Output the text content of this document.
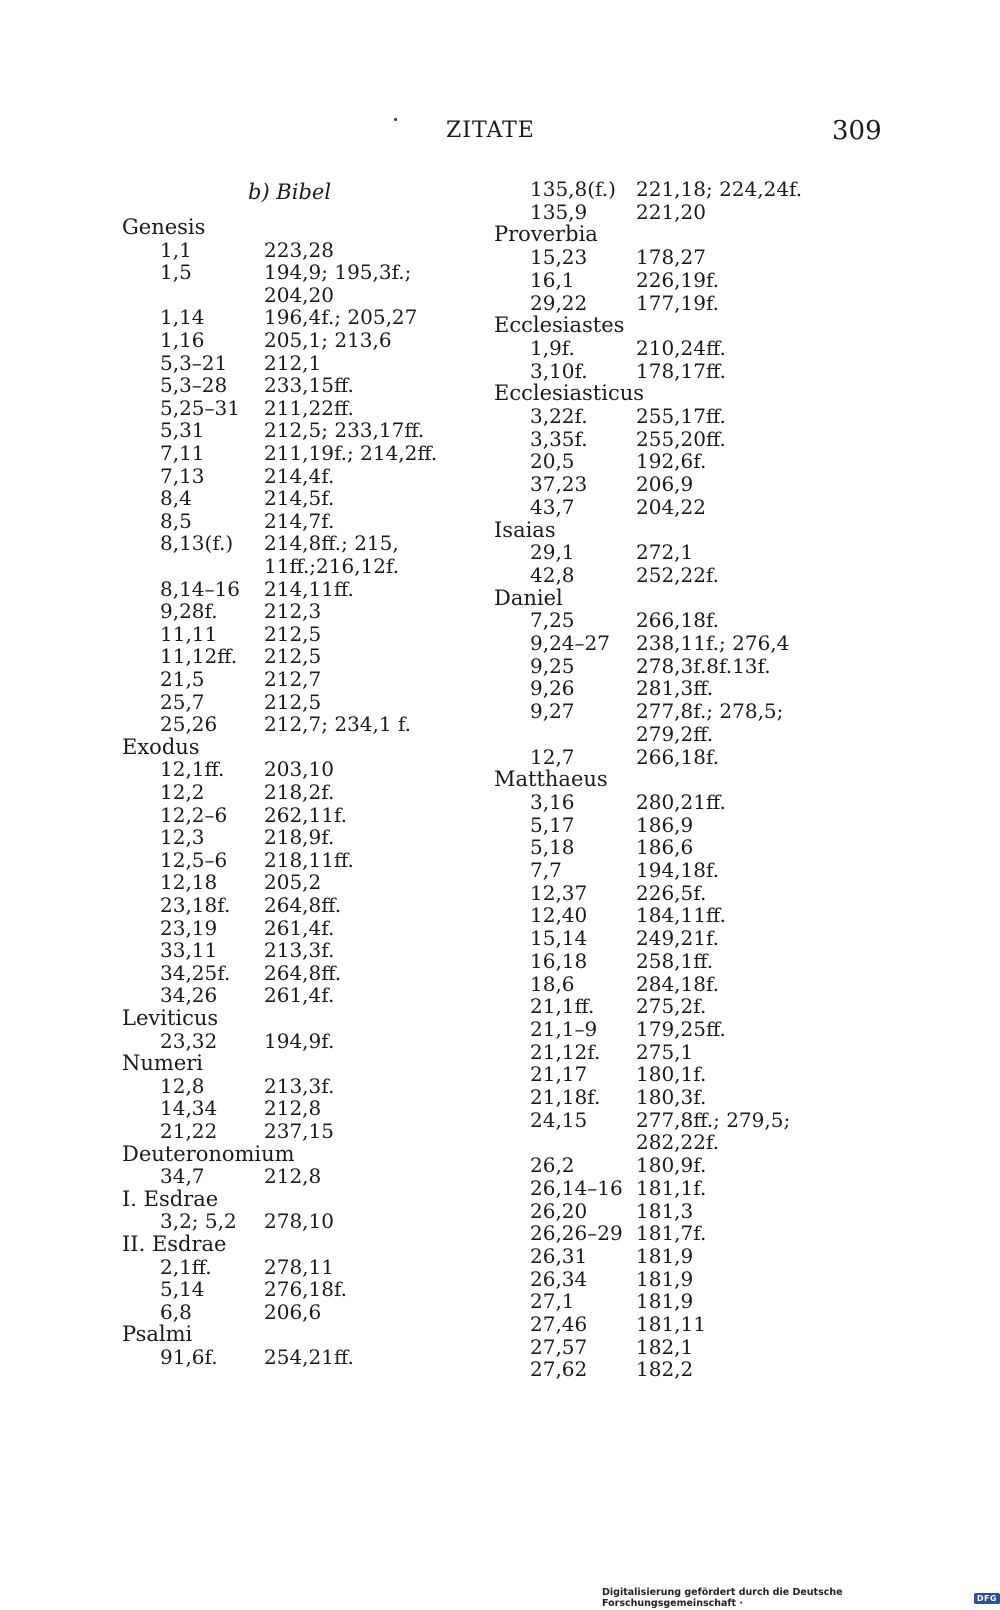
ZITATE	309
b) Bibel
Genesis
1,1	223,28
1,5	194,9; 195,3f.;
204,20
1,14	196,4f.; 205,27
1,16	205,1; 213,6
5,3–21 212,1
5,3–28 233,15ff.
5,25–31 211,22ff.
5,31	212,5; 233,17ff.
7,11	211,19f.; 214,2ff.
7,13	214,4f.
8,4	214,5f.
8,5	214,7f.
8,13(f.) 214,8ff.; 215,
11ff.;216,12f.
8,14–16 214,11ff.
9,28f. 212,3
11,11 212,5
11,12ff. 212,5
21,5	212,7
25,7	212,5
25,26 212,7; 234,1 f.
Exodus
12,1ff. 203,10
12,2	218,2f.
12,2–6 262,11f.
12,3	218,9f.
12,5–6 218,11ff.
12,18 205,2
23,18f. 264,8ff.
23,19 261,4f.
33,11 213,3f.
34,25f. 264,8ff.
34,26 261,4f.
Leviticus
23,32 194,9f.
Numeri
12,8	213,3f.
14,34 212,8
21,22 237,15
Deuteronomium
34,7	212,8
I. Esdrae
3,2; 5,2 278,10
II. Esdrae
2,1ff.	278,11
5,14	276,18f.
6,8	206,6
Psalmi
91,6f. 254,21ff.
135,8(f.) 221,18; 224,24f.
135,9 221,20
Proverbia
15,23 178,27
16,1	226,19f.
29,22 177,19f.
Ecclesiastes
1,9f.	210,24ff.
3,10f. 178,17ff.
Ecclesiasticus
3,22f. 255,17ff.
3,35f. 255,20ff.
20,5	192,6f.
37,23 206,9
43,7	204,22
Isaias
29,1	272,1
42,8	252,22f.
Daniel
7,25	266,18f.
9,24–27 238,11f.; 276,4
9,25	278,3f.8f.13f.
9,26	281,3ff.
9,27	277,8f.; 278,5;
279,2ff.
12,7	266,18f.
Matthaeus
3,16	280,21ff.
5,17	186,9
5,18	186,6
7,7	194,18f.
12,37 226,5f.
12,40 184,11ff.
15,14 249,21f.
16,18 258,1ff.
18,6	284,18f.
21,1ff. 275,2f.
21,1–9 179,25ff.
21,12f. 275,1
21,17 180,1f.
21,18f. 180,3f.
24,15 277,8ff.; 279,5;
282,22f.
26,2	180,9f.
26,14–16 181,1f.
26,20 181,3
26,26–29 181,7f.
26,31 181,9
26,34 181,9
27,1	181,9
27,46 181,11
27,57 182,1
27,62 182,2
Digitalisierung gefördert durch die Deutsche Forschungsgemeinschaft ·	DFG
